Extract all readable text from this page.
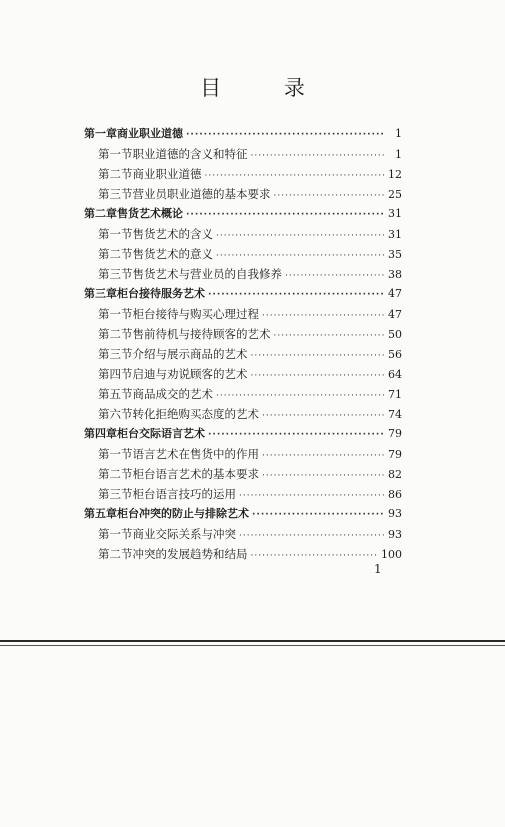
目 录
第一章 商业职业道德 ·····	1
第一节 职业道德的含义和特征 ·····	1
第二节 商业职业道德 ·····	12
第三节 营业员职业道德的基本要求 ·····	25
第二章 售货艺术概论 ·····	31
第一节 售货艺术的含义 ·····	31
第二节 售货艺术的意义 ·····	35
第三节 售货艺术与营业员的自我修养 ·····	38
第三章 柜台接待服务艺术 ·····	47
第一节 柜台接待与购买心理过程 ·····	47
第二节 售前待机与接待顾客的艺术 ·····	50
第三节 介绍与展示商品的艺术 ·····	56
第四节 启迪与劝说顾客的艺术 ·····	64
第五节 商品成交的艺术 ·····	71
第六节 转化拒绝购买态度的艺术 ·····	74
第四章 柜台交际语言艺术 ·····	79
第一节 语言艺术在售货中的作用 ·····	79
第二节 柜台语言艺术的基本要求 ·····	82
第三节 柜台语言技巧的运用 ·····	86
第五章 柜台冲突的防止与排除艺术 ·····	93
第一节 商业交际关系与冲突 ·····	93
第二节 冲突的发展趋势和结局 ·····	100
1
